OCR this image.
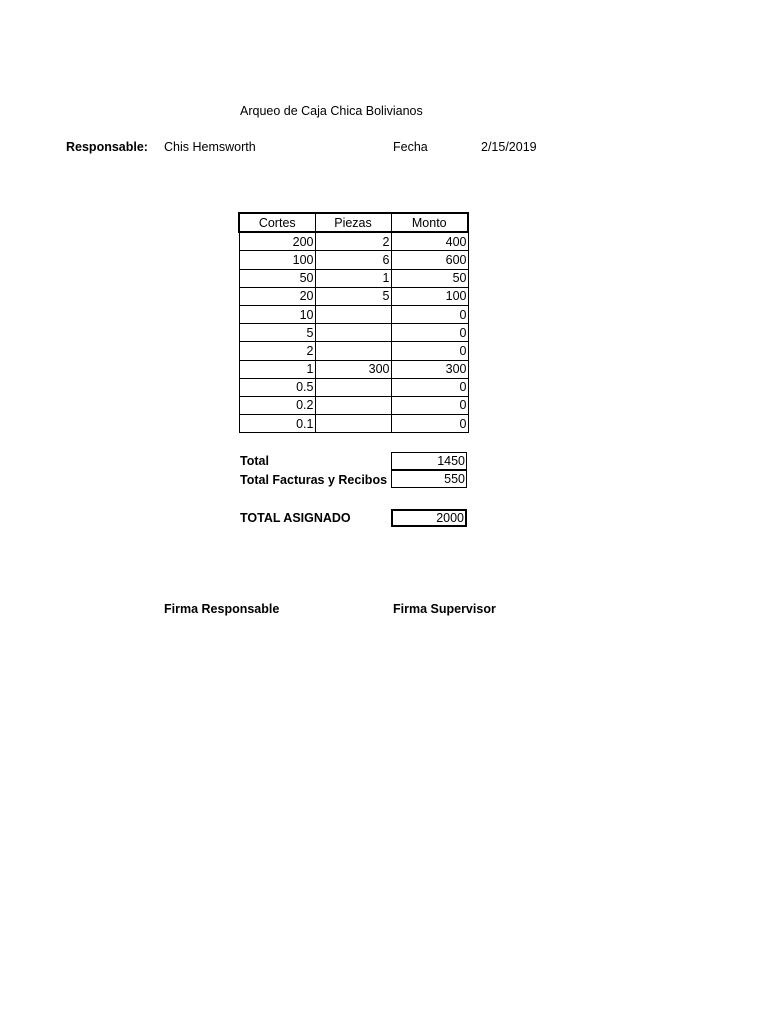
Arqueo de Caja Chica Bolivianos
Responsable: Chis Hemsworth	Fecha	2/15/2019
Cortes	Piezas	Monto
200	2	400
100	6	600
50	1	50
20	5	100
10		0
5		0
2		0
1	300	300
0.5		0
0.2		0
0.1		0
Total	1450
Total Facturas y Recibos	550
TOTAL ASIGNADO	2000
Firma Responsable	Firma Supervisor
